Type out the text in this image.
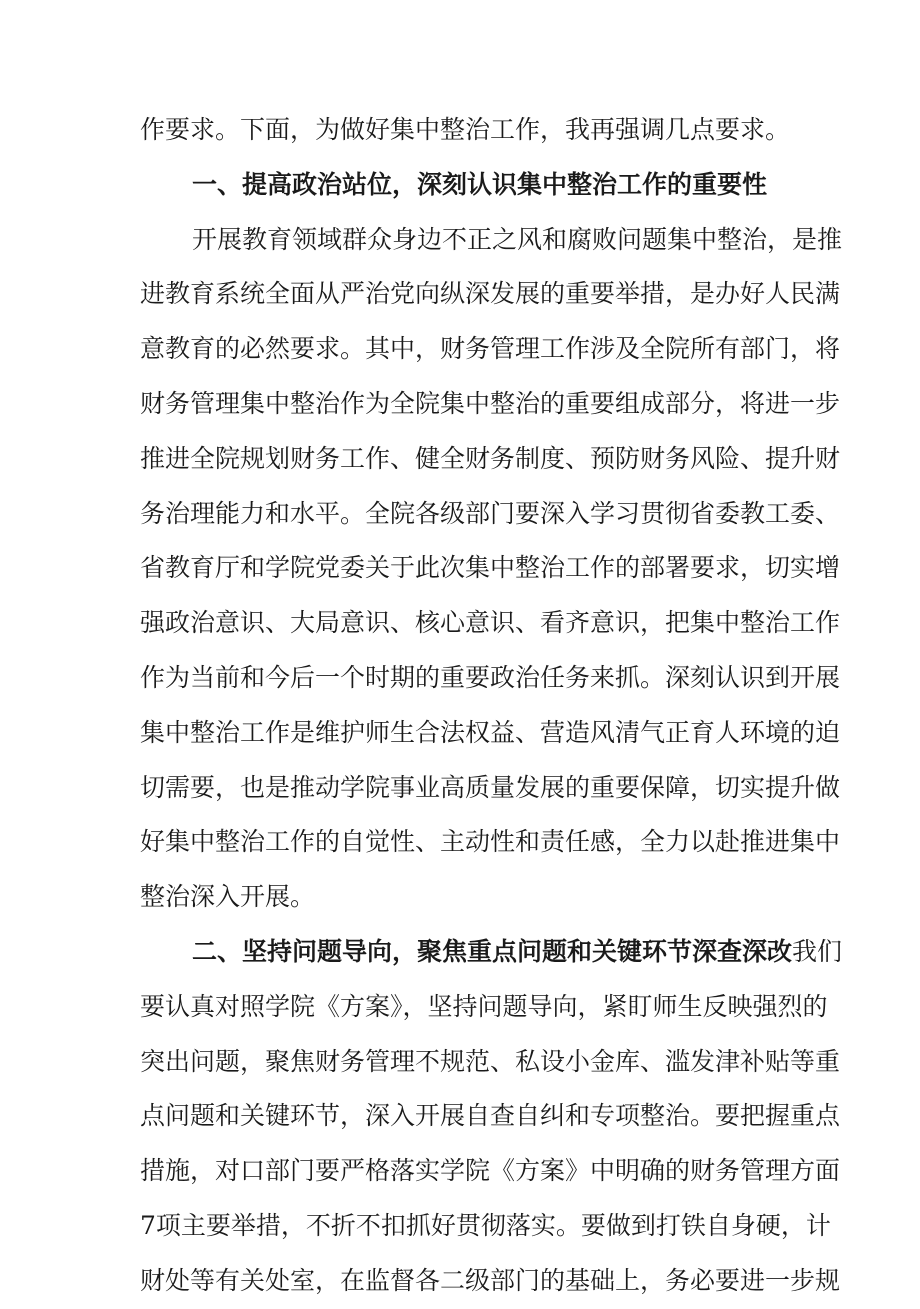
作要求。下面，为做好集中整治工作，我再强调几点要求。
一、提高政治站位，深刻认识集中整治工作的重要性
开展教育领域群众身边不正之风和腐败问题集中整治，是推
进教育系统全面从严治党向纵深发展的重要举措，是办好人民满
意教育的必然要求。其中，财务管理工作涉及全院所有部门，将
财务管理集中整治作为全院集中整治的重要组成部分，将进一步
推进全院规划财务工作、健全财务制度、预防财务风险、提升财
务治理能力和水平。全院各级部门要深入学习贯彻省委教工委、
省教育厅和学院党委关于此次集中整治工作的部署要求，切实增
强政治意识、大局意识、核心意识、看齐意识，把集中整治工作
作为当前和今后一个时期的重要政治任务来抓。深刻认识到开展
集中整治工作是维护师生合法权益、营造风清气正育人环境的迫
切需要，也是推动学院事业高质量发展的重要保障，切实提升做
好集中整治工作的自觉性、主动性和责任感，全力以赴推进集中
整治深入开展。
二、坚持问题导向，聚焦重点问题和关键环节深查深改我们
要认真对照学院《方案》，坚持问题导向，紧盯师生反映强烈的
突出问题，聚焦财务管理不规范、私设小金库、滥发津补贴等重
点问题和关键环节，深入开展自查自纠和专项整治。要把握重点
措施，对口部门要严格落实学院《方案》中明确的财务管理方面
7项主要举措，不折不扣抓好贯彻落实。要做到打铁自身硬，计
财处等有关处室，在监督各二级部门的基础上，务必要进一步规
